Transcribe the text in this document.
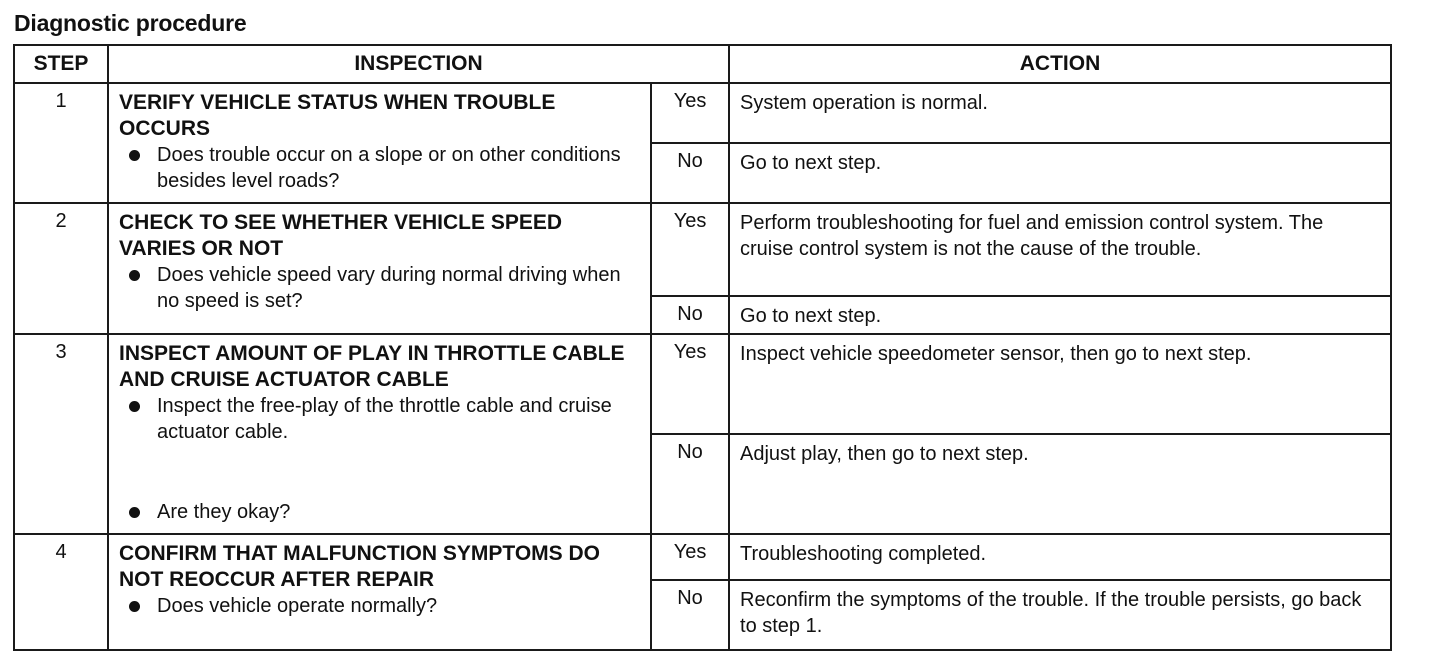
Diagnostic procedure
STEP	INSPECTION		ACTION
1	VERIFY VEHICLE STATUS WHEN TROUBLE OCCURS
Does trouble occur on a slope or on other conditions besides level roads?	Yes	System operation is normal.
		No	Go to next step.
2	CHECK TO SEE WHETHER VEHICLE SPEED VARIES OR NOT
Does vehicle speed vary during normal driving when no speed is set?	Yes	Perform troubleshooting for fuel and emission control system. The cruise control system is not the cause of the trouble.
		No	Go to next step.
3	INSPECT AMOUNT OF PLAY IN THROTTLE CABLE AND CRUISE ACTUATOR CABLE
Inspect the free-play of the throttle cable and cruise actuator cable.
Are they okay?	Yes	Inspect vehicle speedometer sensor, then go to next step.
		No	Adjust play, then go to next step.
4	CONFIRM THAT MALFUNCTION SYMPTOMS DO NOT REOCCUR AFTER REPAIR
Does vehicle operate normally?	Yes	Troubleshooting completed.
		No	Reconfirm the symptoms of the trouble. If the trouble persists, go back to step 1.
